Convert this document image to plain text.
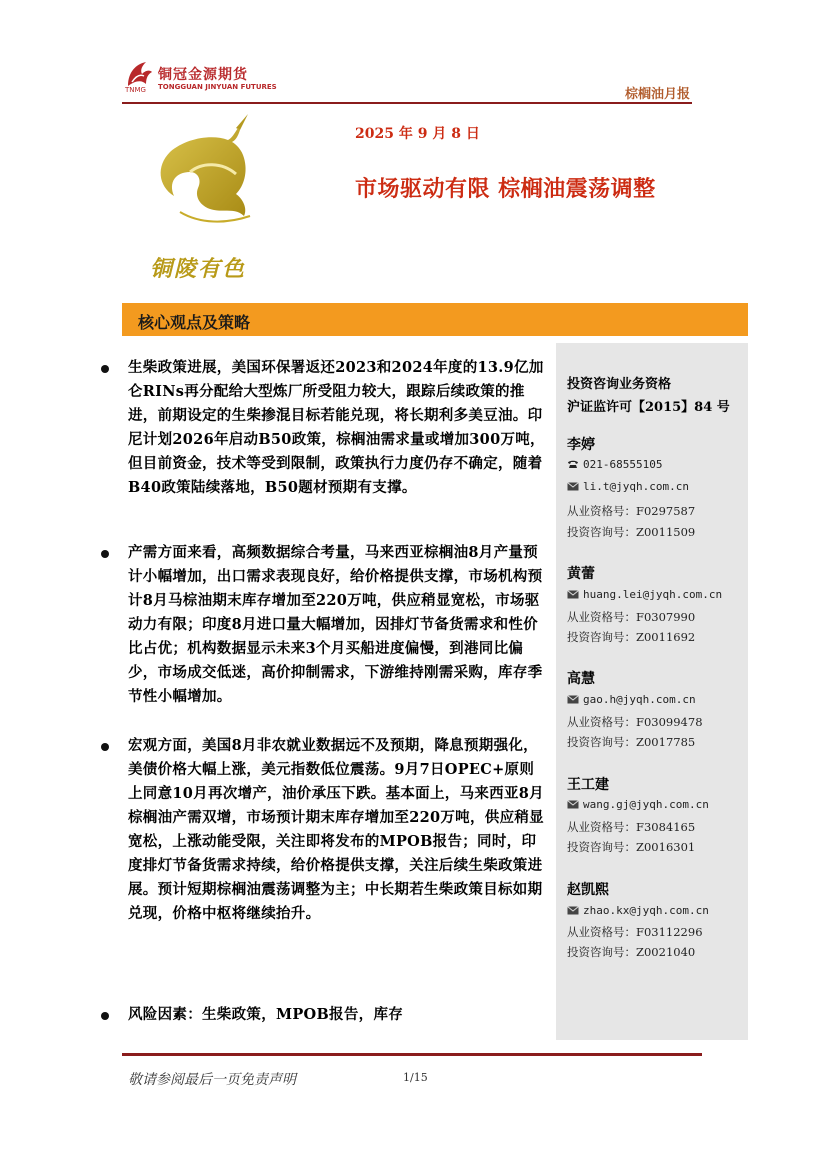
TNMG
铜冠金源期货
TONGGUAN JINYUAN FUTURES	棕榈油月报
铜陵有色
2025 年 9 月 8 日
市场驱动有限 棕榈油震荡调整
核心观点及策略
生柴政策进展，美国环保署返还2023和2024年度的13.9亿加仑RINs再分配给大型炼厂所受阻力较大，跟踪后续政策的推进，前期设定的生柴掺混目标若能兑现，将长期利多美豆油。印尼计划2026年启动B50政策，棕榈油需求量或增加300万吨，但目前资金，技术等受到限制，政策执行力度仍存不确定，随着B40政策陆续落地，B50题材预期有支撑。
产需方面来看，高频数据综合考量，马来西亚棕榈油8月产量预计小幅增加，出口需求表现良好，给价格提供支撑，市场机构预计8月马棕油期末库存增加至220万吨，供应稍显宽松，市场驱动力有限；印度8月进口量大幅增加，因排灯节备货需求和性价比占优；机构数据显示未来3个月买船进度偏慢，到港同比偏少，市场成交低迷，高价抑制需求，下游维持刚需采购，库存季节性小幅增加。
宏观方面，美国8月非农就业数据远不及预期，降息预期强化，美债价格大幅上涨，美元指数低位震荡。9月7日OPEC+原则上同意10月再次增产，油价承压下跌。基本面上，马来西亚8月棕榈油产需双增，市场预计期末库存增加至220万吨，供应稍显宽松，上涨动能受限，关注即将发布的MPOB报告；同时，印度排灯节备货需求持续，给价格提供支撑，关注后续生柴政策进展。预计短期棕榈油震荡调整为主；中长期若生柴政策目标如期兑现，价格中枢将继续抬升。
风险因素：生柴政策，MPOB报告，库存
投资咨询业务资格
沪证监许可【2015】84 号
李婷
021-68555105
li.t@jyqh.com.cn
从业资格号：F0297587
投资咨询号：Z0011509
黄蕾
huang.lei@jyqh.com.cn
从业资格号：F0307990
投资咨询号：Z0011692
高慧
gao.h@jyqh.com.cn
从业资格号：F03099478
投资咨询号：Z0017785
王工建
wang.gj@jyqh.com.cn
从业资格号：F3084165
投资咨询号：Z0016301
赵凯熙
zhao.kx@jyqh.com.cn
从业资格号：F03112296
投资咨询号：Z0021040
敬请参阅最后一页免责声明	1/15
